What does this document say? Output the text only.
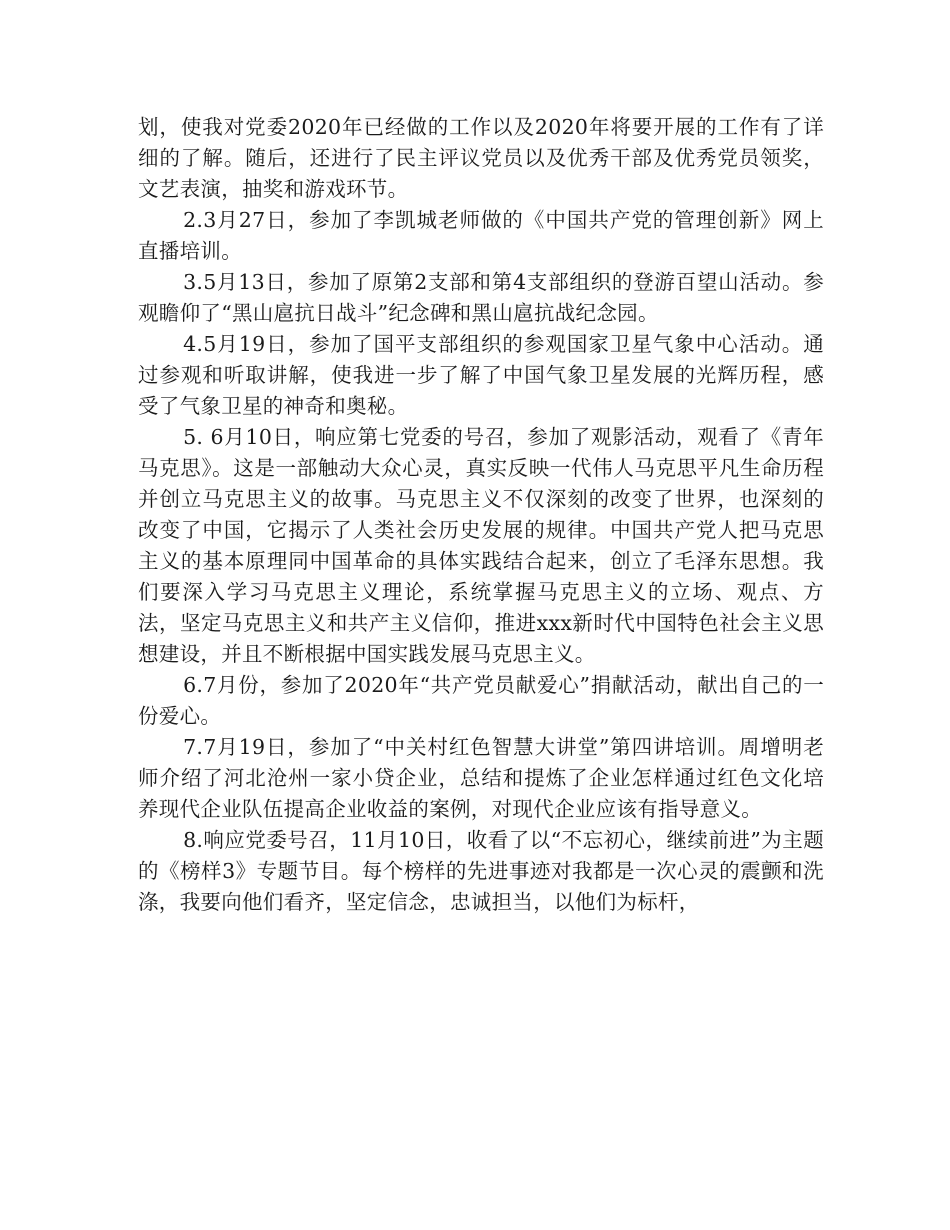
划，使我对党委2020年已经做的工作以及2020年将要开展的工作有了详细的了解。随后，还进行了民主评议党员以及优秀干部及优秀党员领奖，文艺表演，抽奖和游戏环节。

2.3月27日，参加了李凯城老师做的《中国共产党的管理创新》网上直播培训。

3.5月13日，参加了原第2支部和第4支部组织的登游百望山活动。参观瞻仰了“黑山扈抗日战斗”纪念碑和黑山扈抗战纪念园。

4.5月19日，参加了国平支部组织的参观国家卫星气象中心活动。通过参观和听取讲解，使我进一步了解了中国气象卫星发展的光辉历程，感受了气象卫星的神奇和奥秘。

5. 6月10日，响应第七党委的号召，参加了观影活动，观看了《青年马克思》。这是一部触动大众心灵，真实反映一代伟人马克思平凡生命历程并创立马克思主义的故事。马克思主义不仅深刻的改变了世界，也深刻的改变了中国，它揭示了人类社会历史发展的规律。中国共产党人把马克思主义的基本原理同中国革命的具体实践结合起来，创立了毛泽东思想。我们要深入学习马克思主义理论，系统掌握马克思主义的立场、观点、方法，坚定马克思主义和共产主义信仰，推进xxx新时代中国特色社会主义思想建设，并且不断根据中国实践发展马克思主义。

6.7月份，参加了2020年“共产党员献爱心”捐献活动，献出自己的一份爱心。

7.7月19日，参加了“中关村红色智慧大讲堂”第四讲培训。周增明老师介绍了河北沧州一家小贷企业，总结和提炼了企业怎样通过红色文化培养现代企业队伍提高企业收益的案例，对现代企业应该有指导意义。

8.响应党委号召，11月10日，收看了以“不忘初心，继续前进”为主题的《榜样3》专题节目。每个榜样的先进事迹对我都是一次心灵的震颤和洗涤，我要向他们看齐，坚定信念，忠诚担当，以他们为标杆，
